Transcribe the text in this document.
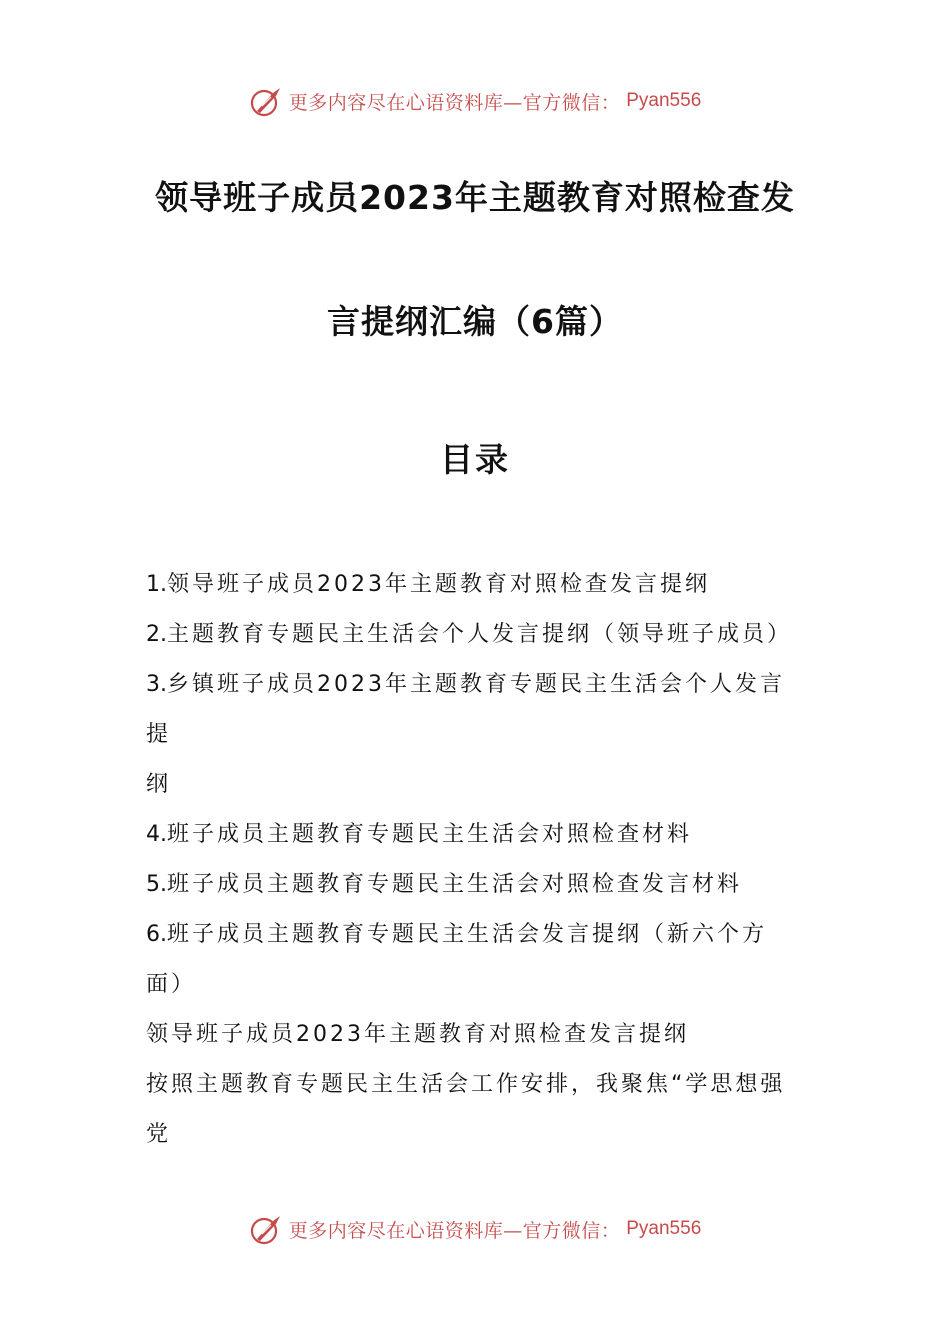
更多内容尽在心语资料库—官方微信： Pyan556
领导班子成员2023年主题教育对照检查发
言提纲汇编（6篇）
目录
1.领导班子成员2023年主题教育对照检查发言提纲
2.主题教育专题民主生活会个人发言提纲（领导班子成员）
3.乡镇班子成员2023年主题教育专题民主生活会个人发言提
纲
4.班子成员主题教育专题民主生活会对照检查材料
5.班子成员主题教育专题民主生活会对照检查发言材料
6.班子成员主题教育专题民主生活会发言提纲（新六个方面）
领导班子成员2023年主题教育对照检查发言提纲
按照主题教育专题民主生活会工作安排，我聚焦“学思想强党
更多内容尽在心语资料库—官方微信： Pyan556
